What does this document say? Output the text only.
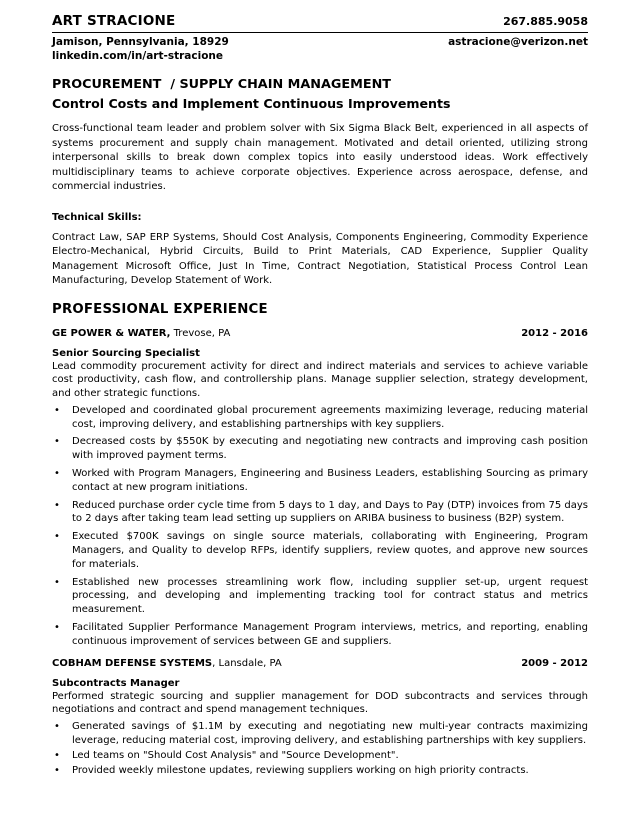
ART STRACIONE	267.885.9058
Jamison, Pennsylvania, 18929	astracione@verizon.net
linkedin.com/in/art-stracione
PROCUREMENT  / SUPPLY CHAIN MANAGEMENT
Control Costs and Implement Continuous Improvements
Cross-functional team leader and problem solver with Six Sigma Black Belt, experienced in all aspects of systems procurement and supply chain management. Motivated and detail oriented, utilizing strong interpersonal skills to break down complex topics into easily understood ideas. Work effectively multidisciplinary teams to achieve corporate objectives. Experience across aerospace, defense, and commercial industries.
Technical Skills:
Contract Law, SAP ERP Systems, Should Cost Analysis, Components Engineering, Commodity Experience Electro-Mechanical, Hybrid Circuits, Build to Print Materials, CAD Experience, Supplier Quality Management Microsoft Office, Just In Time, Contract Negotiation, Statistical Process Control Lean Manufacturing, Develop Statement of Work.
PROFESSIONAL EXPERIENCE
GE POWER & WATER, Trevose, PA	2012 - 2016
Senior Sourcing Specialist
Lead commodity procurement activity for direct and indirect materials and services to achieve variable cost productivity, cash flow, and controllership plans. Manage supplier selection, strategy development, and other strategic functions.
• Developed and coordinated global procurement agreements maximizing leverage, reducing material cost, improving delivery, and establishing partnerships with key suppliers.
• Decreased costs by $550K by executing and negotiating new contracts and improving cash position with improved payment terms.
• Worked with Program Managers, Engineering and Business Leaders, establishing Sourcing as primary contact at new program initiations.
• Reduced purchase order cycle time from 5 days to 1 day, and Days to Pay (DTP) invoices from 75 days to 2 days after taking team lead setting up suppliers on ARIBA business to business (B2P) system.
• Executed $700K savings on single source materials, collaborating with Engineering, Program Managers, and Quality to develop RFPs, identify suppliers, review quotes, and approve new sources for materials.
• Established new processes streamlining work flow, including supplier set-up, urgent request processing, and developing and implementing tracking tool for contract status and metrics measurement.
• Facilitated Supplier Performance Management Program interviews, metrics, and reporting, enabling continuous improvement of services between GE and suppliers.
COBHAM DEFENSE SYSTEMS, Lansdale, PA	2009 - 2012
Subcontracts Manager
Performed strategic sourcing and supplier management for DOD subcontracts and services through negotiations and contract and spend management techniques.
• Generated savings of $1.1M by executing and negotiating new multi-year contracts maximizing leverage, reducing material cost, improving delivery, and establishing partnerships with key suppliers.
• Led teams on "Should Cost Analysis" and "Source Development".
• Provided weekly milestone updates, reviewing suppliers working on high priority contracts.
